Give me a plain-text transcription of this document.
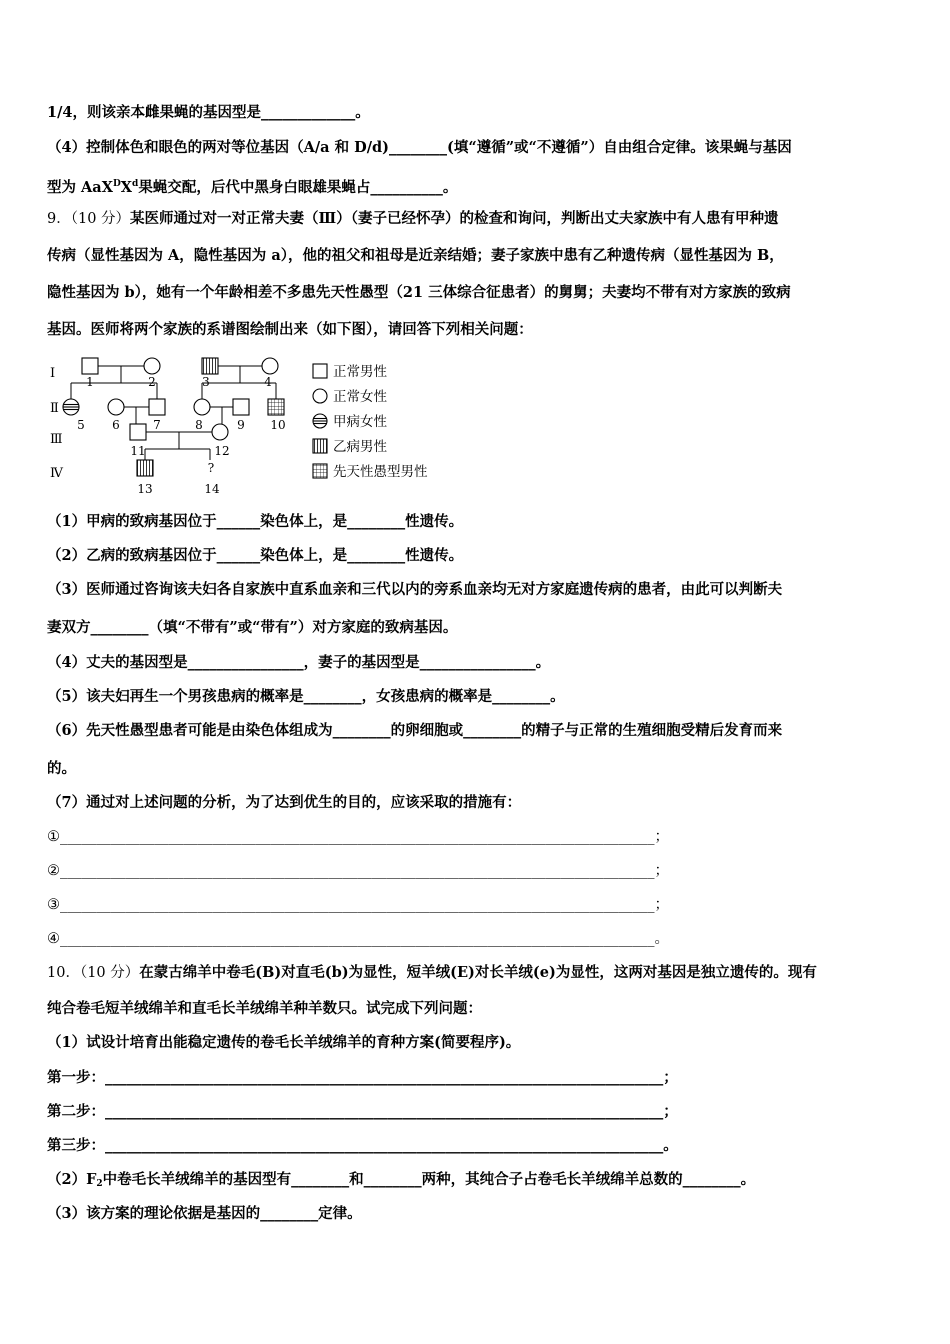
1/4，则该亲本雌果蝇的基因型是_____________。
（4）控制体色和眼色的两对等位基因（A/a 和 D/d)________(填“遵循”或“不遵循”）自由组合定律。该果蝇与基因
型为 $AaX^DX^d$果蝇交配，后代中黑身白眼雄果蝇占__________。
9．（10 分）某医师通过对一对正常夫妻（Ⅲ）（妻子已经怀孕）的检查和询问，判断出丈夫家族中有人患有甲种遗
传病（显性基因为 A，隐性基因为 a），他的祖父和祖母是近亲结婚；妻子家族中患有乙种遗传病（显性基因为 B，
隐性基因为 b），她有一个年龄相差不多患先天性愚型（21 三体综合征患者）的舅舅；夫妻均不带有对方家族的致病
基因。医师将两个家族的系谱图绘制出来（如下图），请回答下列相关问题：
Ⅰ
Ⅱ
Ⅲ
Ⅳ
1	2	3	4
5 6	7	8	9 10
11	12
13
?
14
正常男性
正常女性
甲病女性
乙病男性
先天性愚型男性
（1）甲病的致病基因位于______染色体上，是________性遗传。
（2）乙病的致病基因位于______染色体上，是________性遗传。
（3）医师通过咨询该夫妇各自家族中直系血亲和三代以内的旁系血亲均无对方家庭遗传病的患者，由此可以判断夫
妻双方________（填“不带有”或“带有”）对方家庭的致病基因。
（4）丈夫的基因型是________________，妻子的基因型是________________。
（5）该夫妇再生一个男孩患病的概率是________，女孩患病的概率是________。
（6）先天性愚型患者可能是由染色体组成为________的卵细胞或________的精子与正常的生殖细胞受精后发育而来
的。
（7）通过对上述问题的分析，为了达到优生的目的，应该采取的措施有：
①__________________________________________________________________________________；
②__________________________________________________________________________________；
③__________________________________________________________________________________；
④__________________________________________________________________________________。
10．（10 分）在蒙古绵羊中卷毛(B)对直毛(b)为显性，短羊绒(E)对长羊绒(e)为显性，这两对基因是独立遗传的。现有
纯合卷毛短羊绒绵羊和直毛长羊绒绵羊种羊数只。试完成下列问题：
（1）试设计培育出能稳定遗传的卷毛长羊绒绵羊的育种方案(简要程序)。
第一步：_____________________________________________________________________________；
第二步：_____________________________________________________________________________；
第三步：_____________________________________________________________________________。
$(2)F_2$中卷毛长羊绒绵羊的基因型有________和________两种，其纯合子占卷毛长羊绒绵羊总数的________。
（3）该方案的理论依据是基因的________定律。
